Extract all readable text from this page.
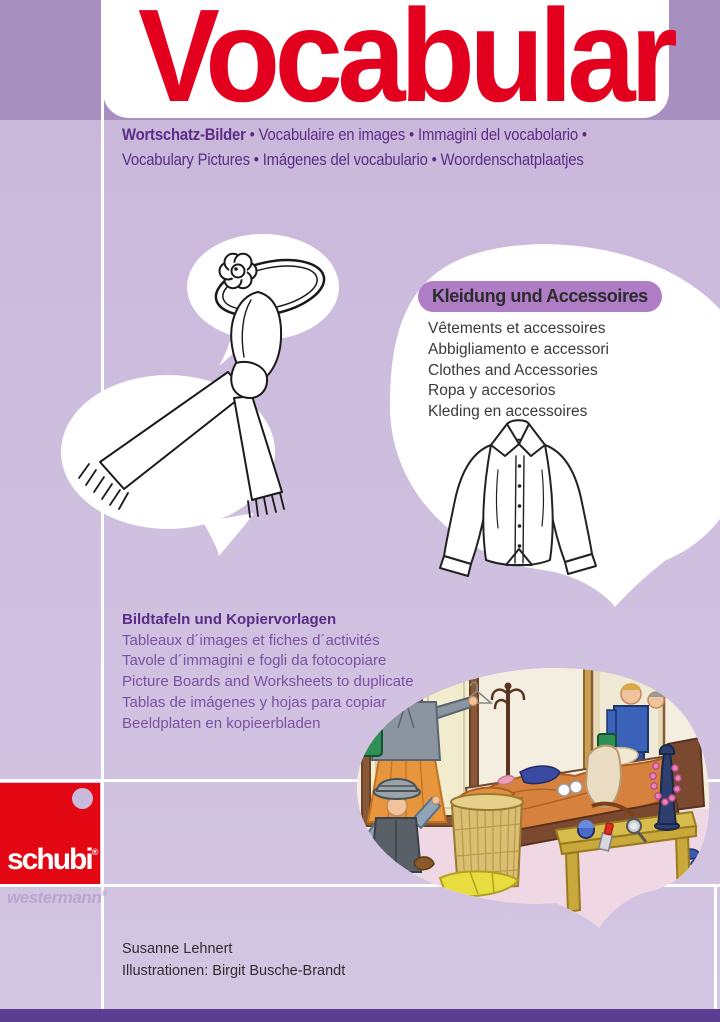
Vocabular
Wortschatz-Bilder • Vocabulaire en images • Immagini del vocabolario •
Vocabulary Pictures • Imágenes del vocabulario • Woordenschatplaatjes
Kleidung und Accessoires
Vêtements et accessoires
Abbigliamento e accessori
Clothes and Accessories
Ropa y accesorios
Kleding en accessoires
Bildtafeln und Kopiervorlagen
Tableaux d´images et fiches d´activités
Tavole d´immagini e fogli da fotocopiare
Picture Boards and Worksheets to duplicate
Tablas de imágenes y hojas para copiar
Beeldplaten en kopieerbladen
schubi®
westermann®
Susanne Lehnert
Illustrationen: Birgit Busche-Brandt
